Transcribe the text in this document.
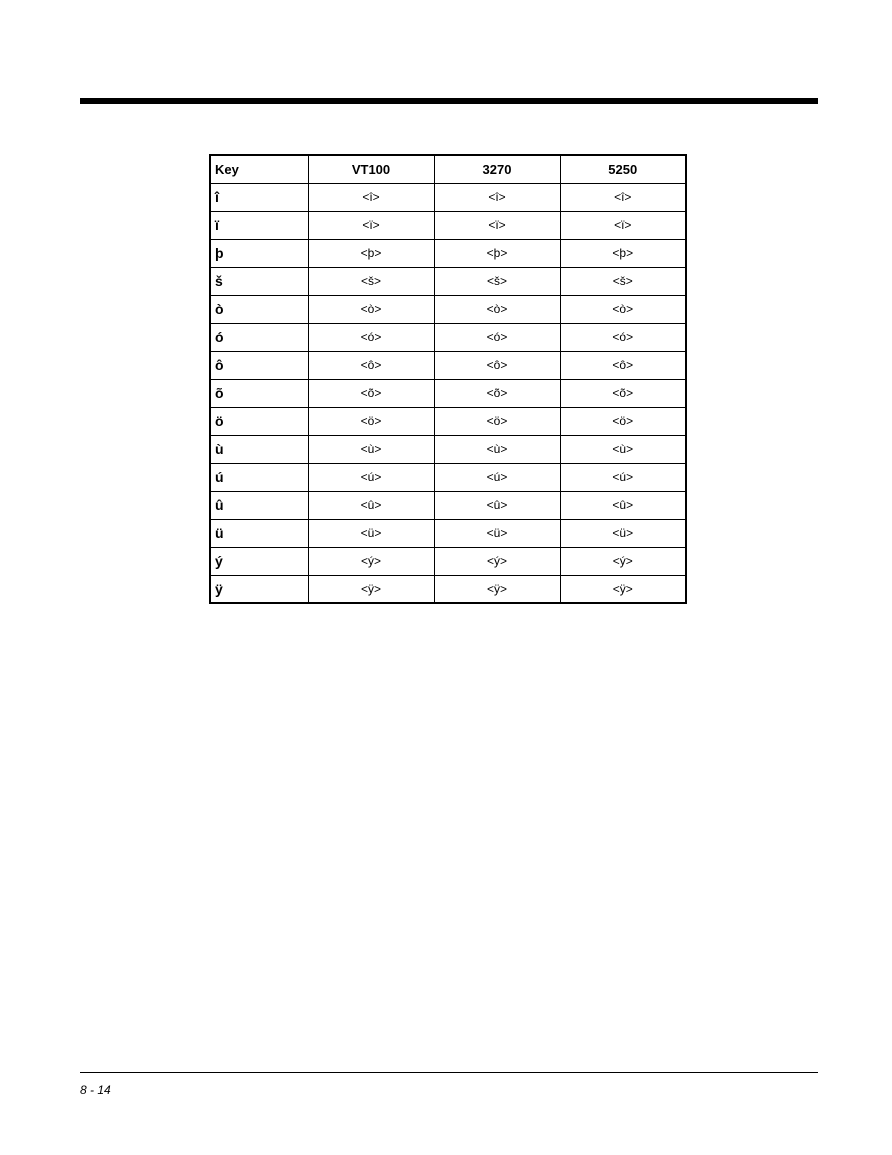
Key	VT100	3270	5250
î	<î>	<î>	<î>
ï	<ï>	<ï>	<ï>
þ	<þ>	<þ>	<þ>
š	<š>	<š>	<š>
ò	<ò>	<ò>	<ò>
ó	<ó>	<ó>	<ó>
ô	<ô>	<ô>	<ô>
õ	<õ>	<õ>	<õ>
ö	<ö>	<ö>	<ö>
ù	<ù>	<ù>	<ù>
ú	<ú>	<ú>	<ú>
û	<û>	<û>	<û>
ü	<ü>	<ü>	<ü>
ý	<ý>	<ý>	<ý>
ÿ	<ÿ>	<ÿ>	<ÿ>
8 - 14
